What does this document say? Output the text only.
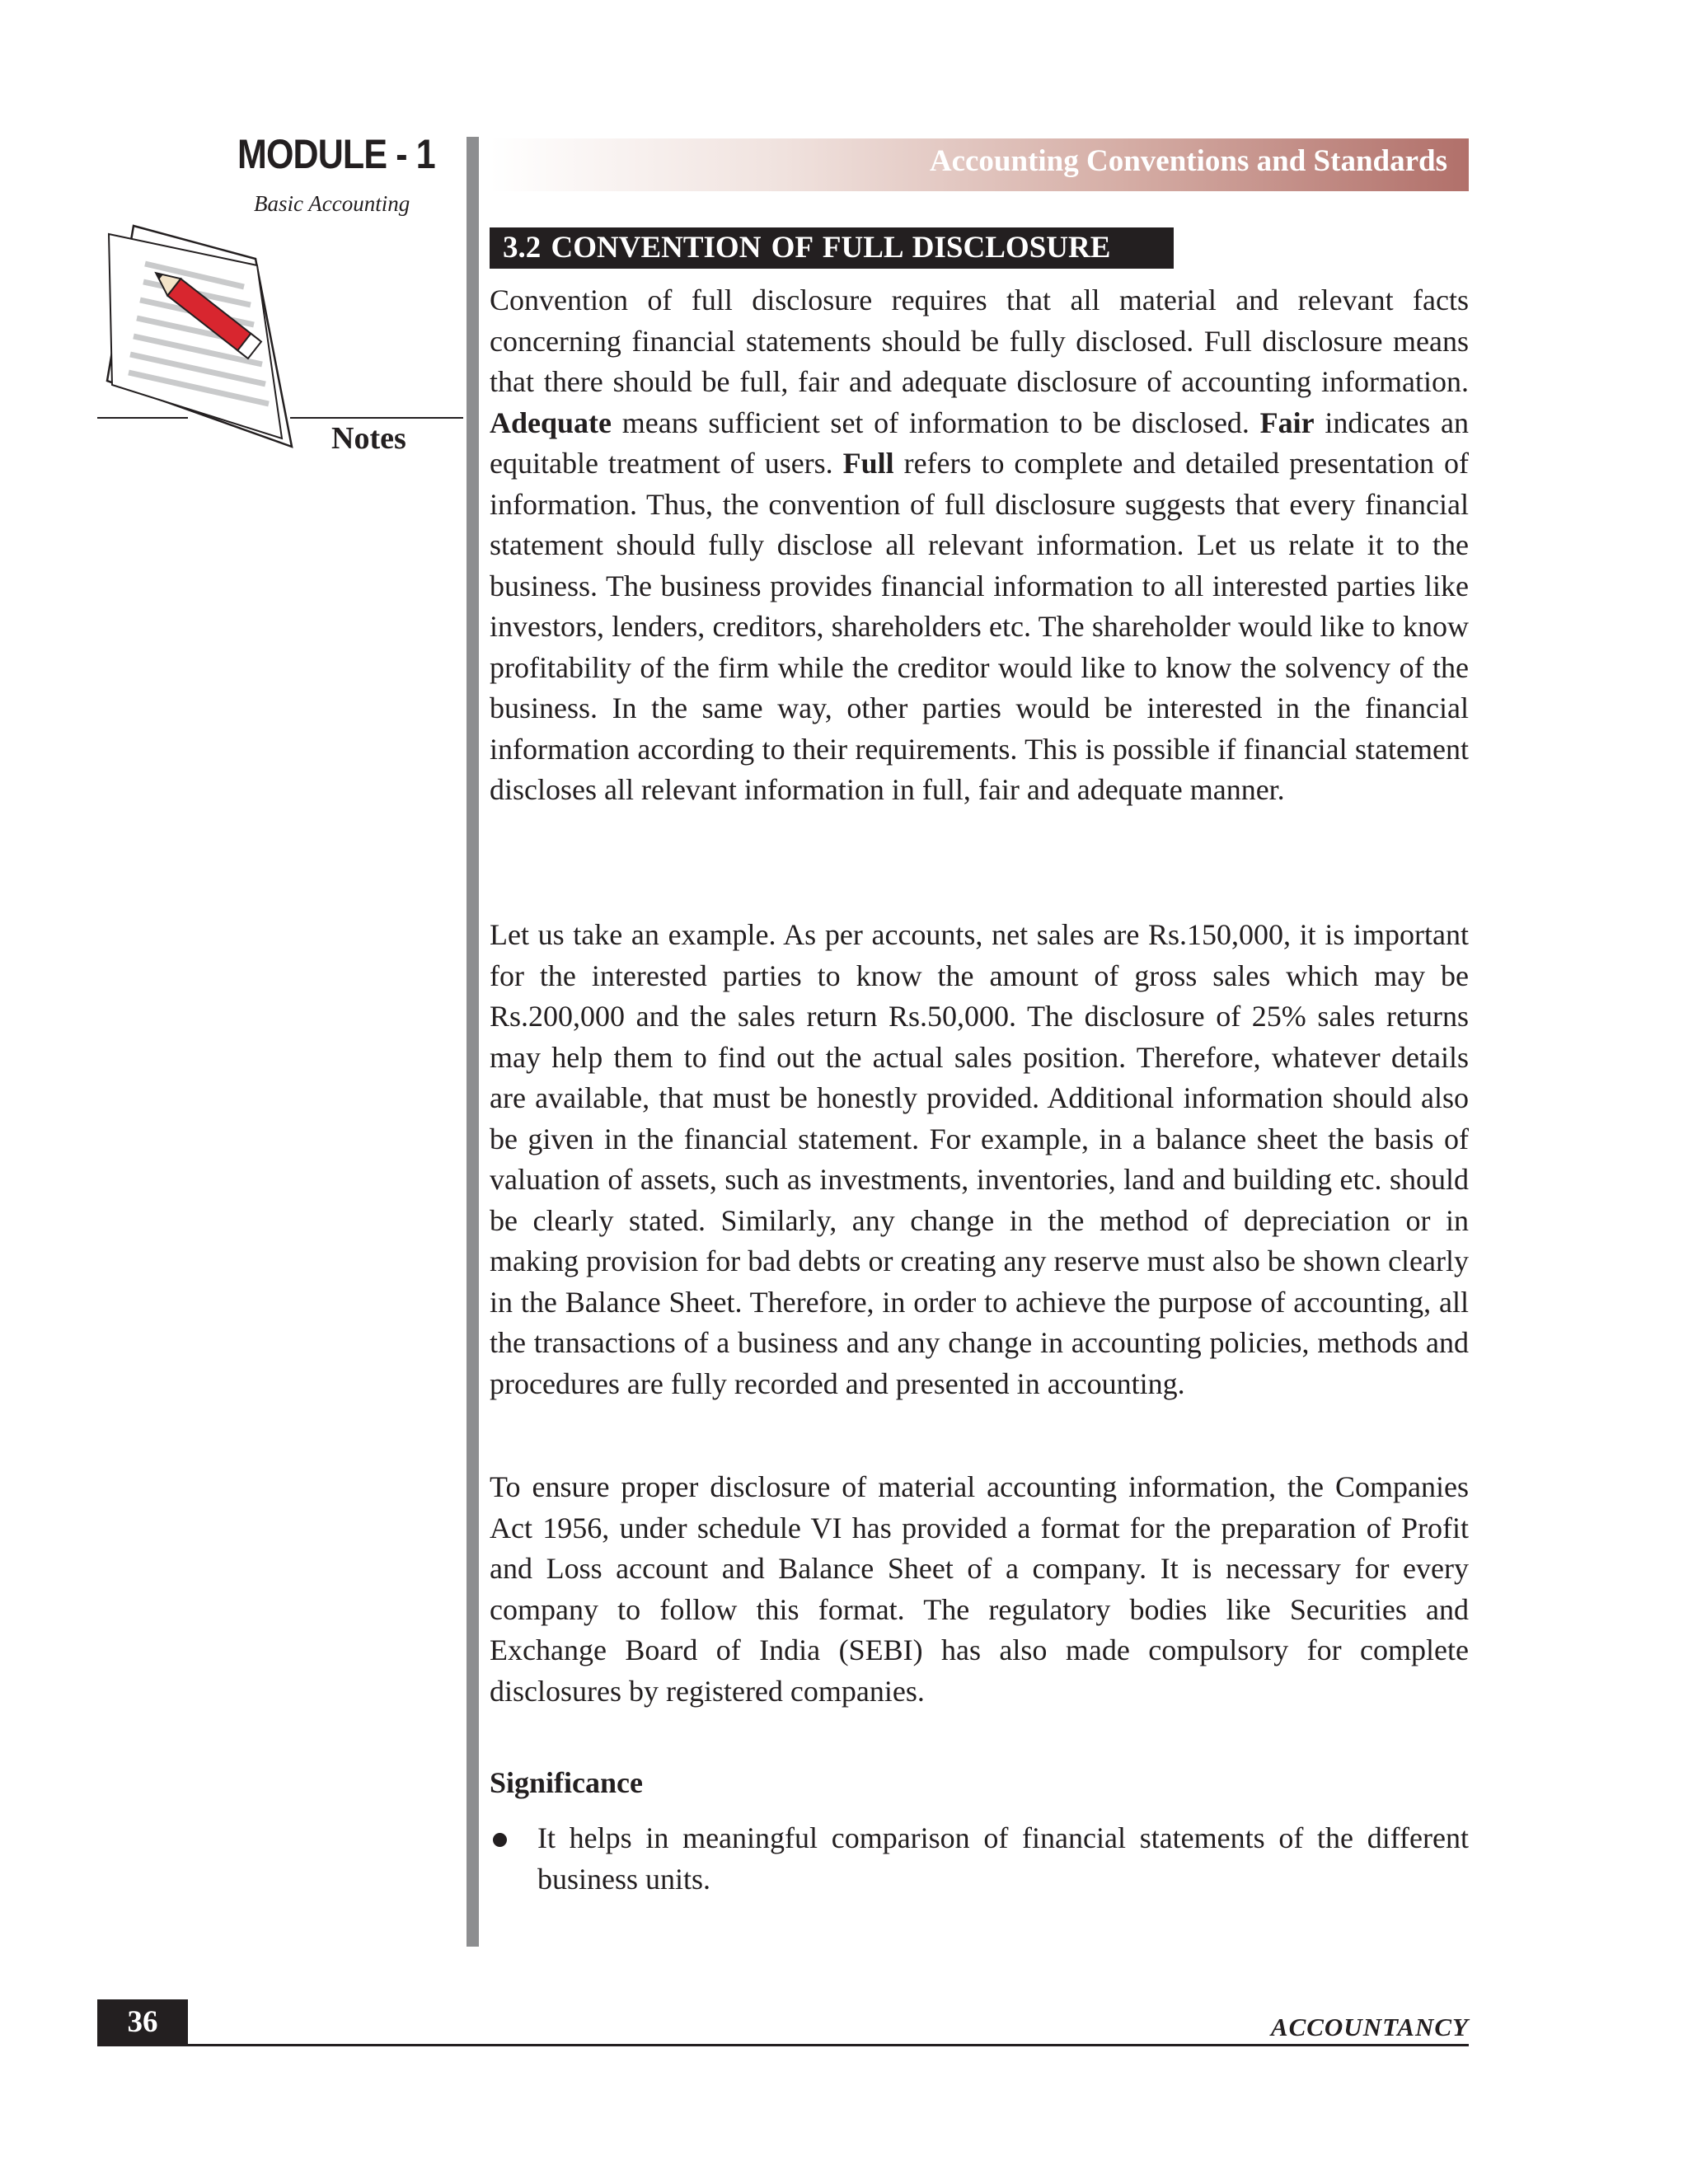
MODULE - 1
Basic Accounting
Notes
Accounting Conventions and Standards
3.2 CONVENTION OF FULL DISCLOSURE

Convention of full disclosure requires that all material and relevant facts concerning financial statements should be fully disclosed. Full disclosure means that there should be full, fair and adequate disclosure of accounting information. Adequate means sufficient set of information to be disclosed. Fair indicates an equitable treatment of users. Full refers to complete and detailed presentation of information. Thus, the convention of full disclosure suggests that every financial statement should fully disclose all relevant information. Let us relate it to the business. The business provides financial information to all interested parties like investors, lenders, creditors, shareholders etc. The shareholder would like to know profitability of the firm while the creditor would like to know the solvency of the business. In the same way, other parties would be interested in the financial information according to their requirements. This is possible if financial statement discloses all relevant information in full, fair and adequate manner.

Let us take an example. As per accounts, net sales are Rs.150,000, it is important for the interested parties to know the amount of gross sales which may be Rs.200,000 and the sales return Rs.50,000. The disclosure of 25% sales returns may help them to find out the actual sales position. Therefore, whatever details are available, that must be honestly provided. Additional information should also be given in the financial statement. For example, in a balance sheet the basis of valuation of assets, such as investments, inventories, land and building etc. should be clearly stated. Similarly, any change in the method of depreciation or in making provision for bad debts or creating any reserve must also be shown clearly in the Balance Sheet. Therefore, in order to achieve the purpose of accounting, all the transactions of a business and any change in accounting policies, methods and procedures are fully recorded and presented in accounting.

To ensure proper disclosure of material accounting information, the Companies Act 1956, under schedule VI has provided a format for the preparation of Profit and Loss account and Balance Sheet of a company. It is necessary for every company to follow this format. The regulatory bodies like Securities and Exchange Board of India (SEBI) has also made compulsory for complete disclosures by registered companies.

Significance

It helps in meaningful comparison of financial statements of the different business units.

36	ACCOUNTANCY
